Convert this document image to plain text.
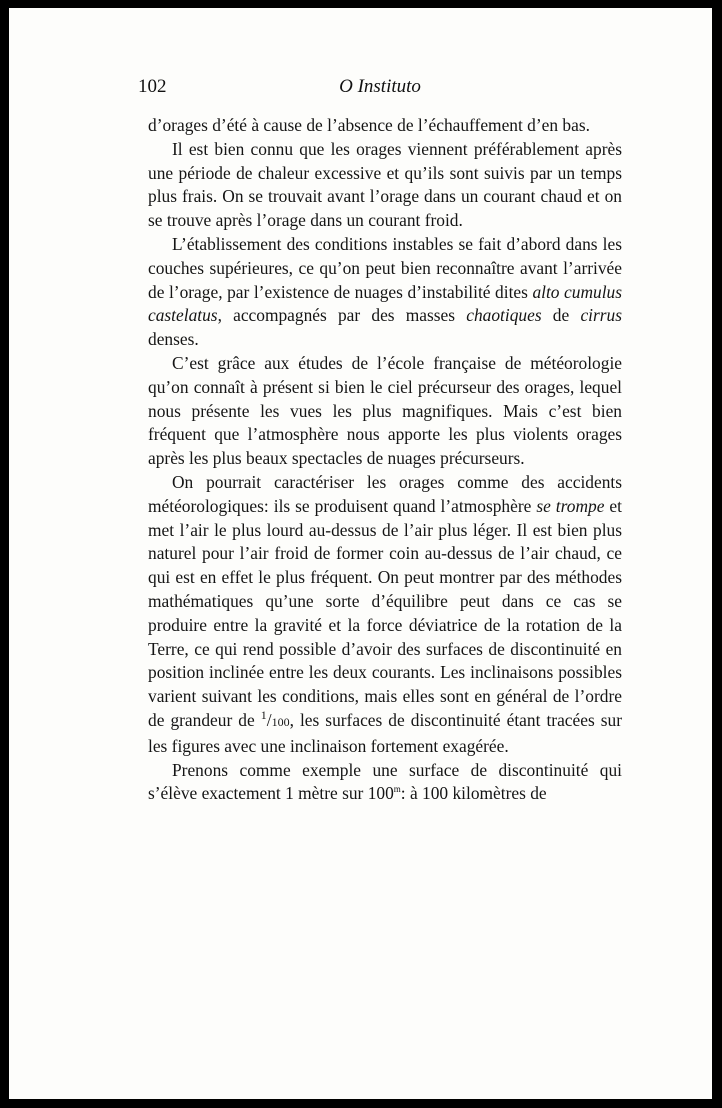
102	O Instituto

d’orages d’été à cause de l’absence de l’échauffement d’en bas.

Il est bien connu que les orages viennent préférablement après une période de chaleur excessive et qu’ils sont suivis par un temps plus frais. On se trouvait avant l’orage dans un courant chaud et on se trouve après l’orage dans un courant froid.

L’établissement des conditions instables se fait d’abord dans les couches supérieures, ce qu’on peut bien reconnaître avant l’arrivée de l’orage, par l’existence de nuages d’instabilité dites alto cumulus castelatus, accompagnés par des masses chaotiques de cirrus denses.

C’est grâce aux études de l’école française de météorologie qu’on connaît à présent si bien le ciel précurseur des orages, lequel nous présente les vues les plus magnifiques. Mais c’est bien fréquent que l’atmosphère nous apporte les plus violents orages après les plus beaux spectacles de nuages précurseurs.

On pourrait caractériser les orages comme des accidents météorologiques: ils se produisent quand l’atmosphère se trompe et met l’air le plus lourd au-dessus de l’air plus léger. Il est bien plus naturel pour l’air froid de former coin au-dessus de l’air chaud, ce qui est en effet le plus fréquent. On peut montrer par des méthodes mathématiques qu’une sorte d’équilibre peut dans ce cas se produire entre la gravité et la force déviatrice de la rotation de la Terre, ce qui rend possible d’avoir des surfaces de discontinuité en position inclinée entre les deux courants. Les inclinaisons possibles varient suivant les conditions, mais elles sont en général de l’ordre de grandeur de $^1$/100, les surfaces de discontinuité étant tracées sur les figures avec une inclinaison fortement exagérée.

Prenons comme exemple une surface de discontinuité qui s’élève exactement 1 mètre sur 100$^m$: à 100 kilomètres de
